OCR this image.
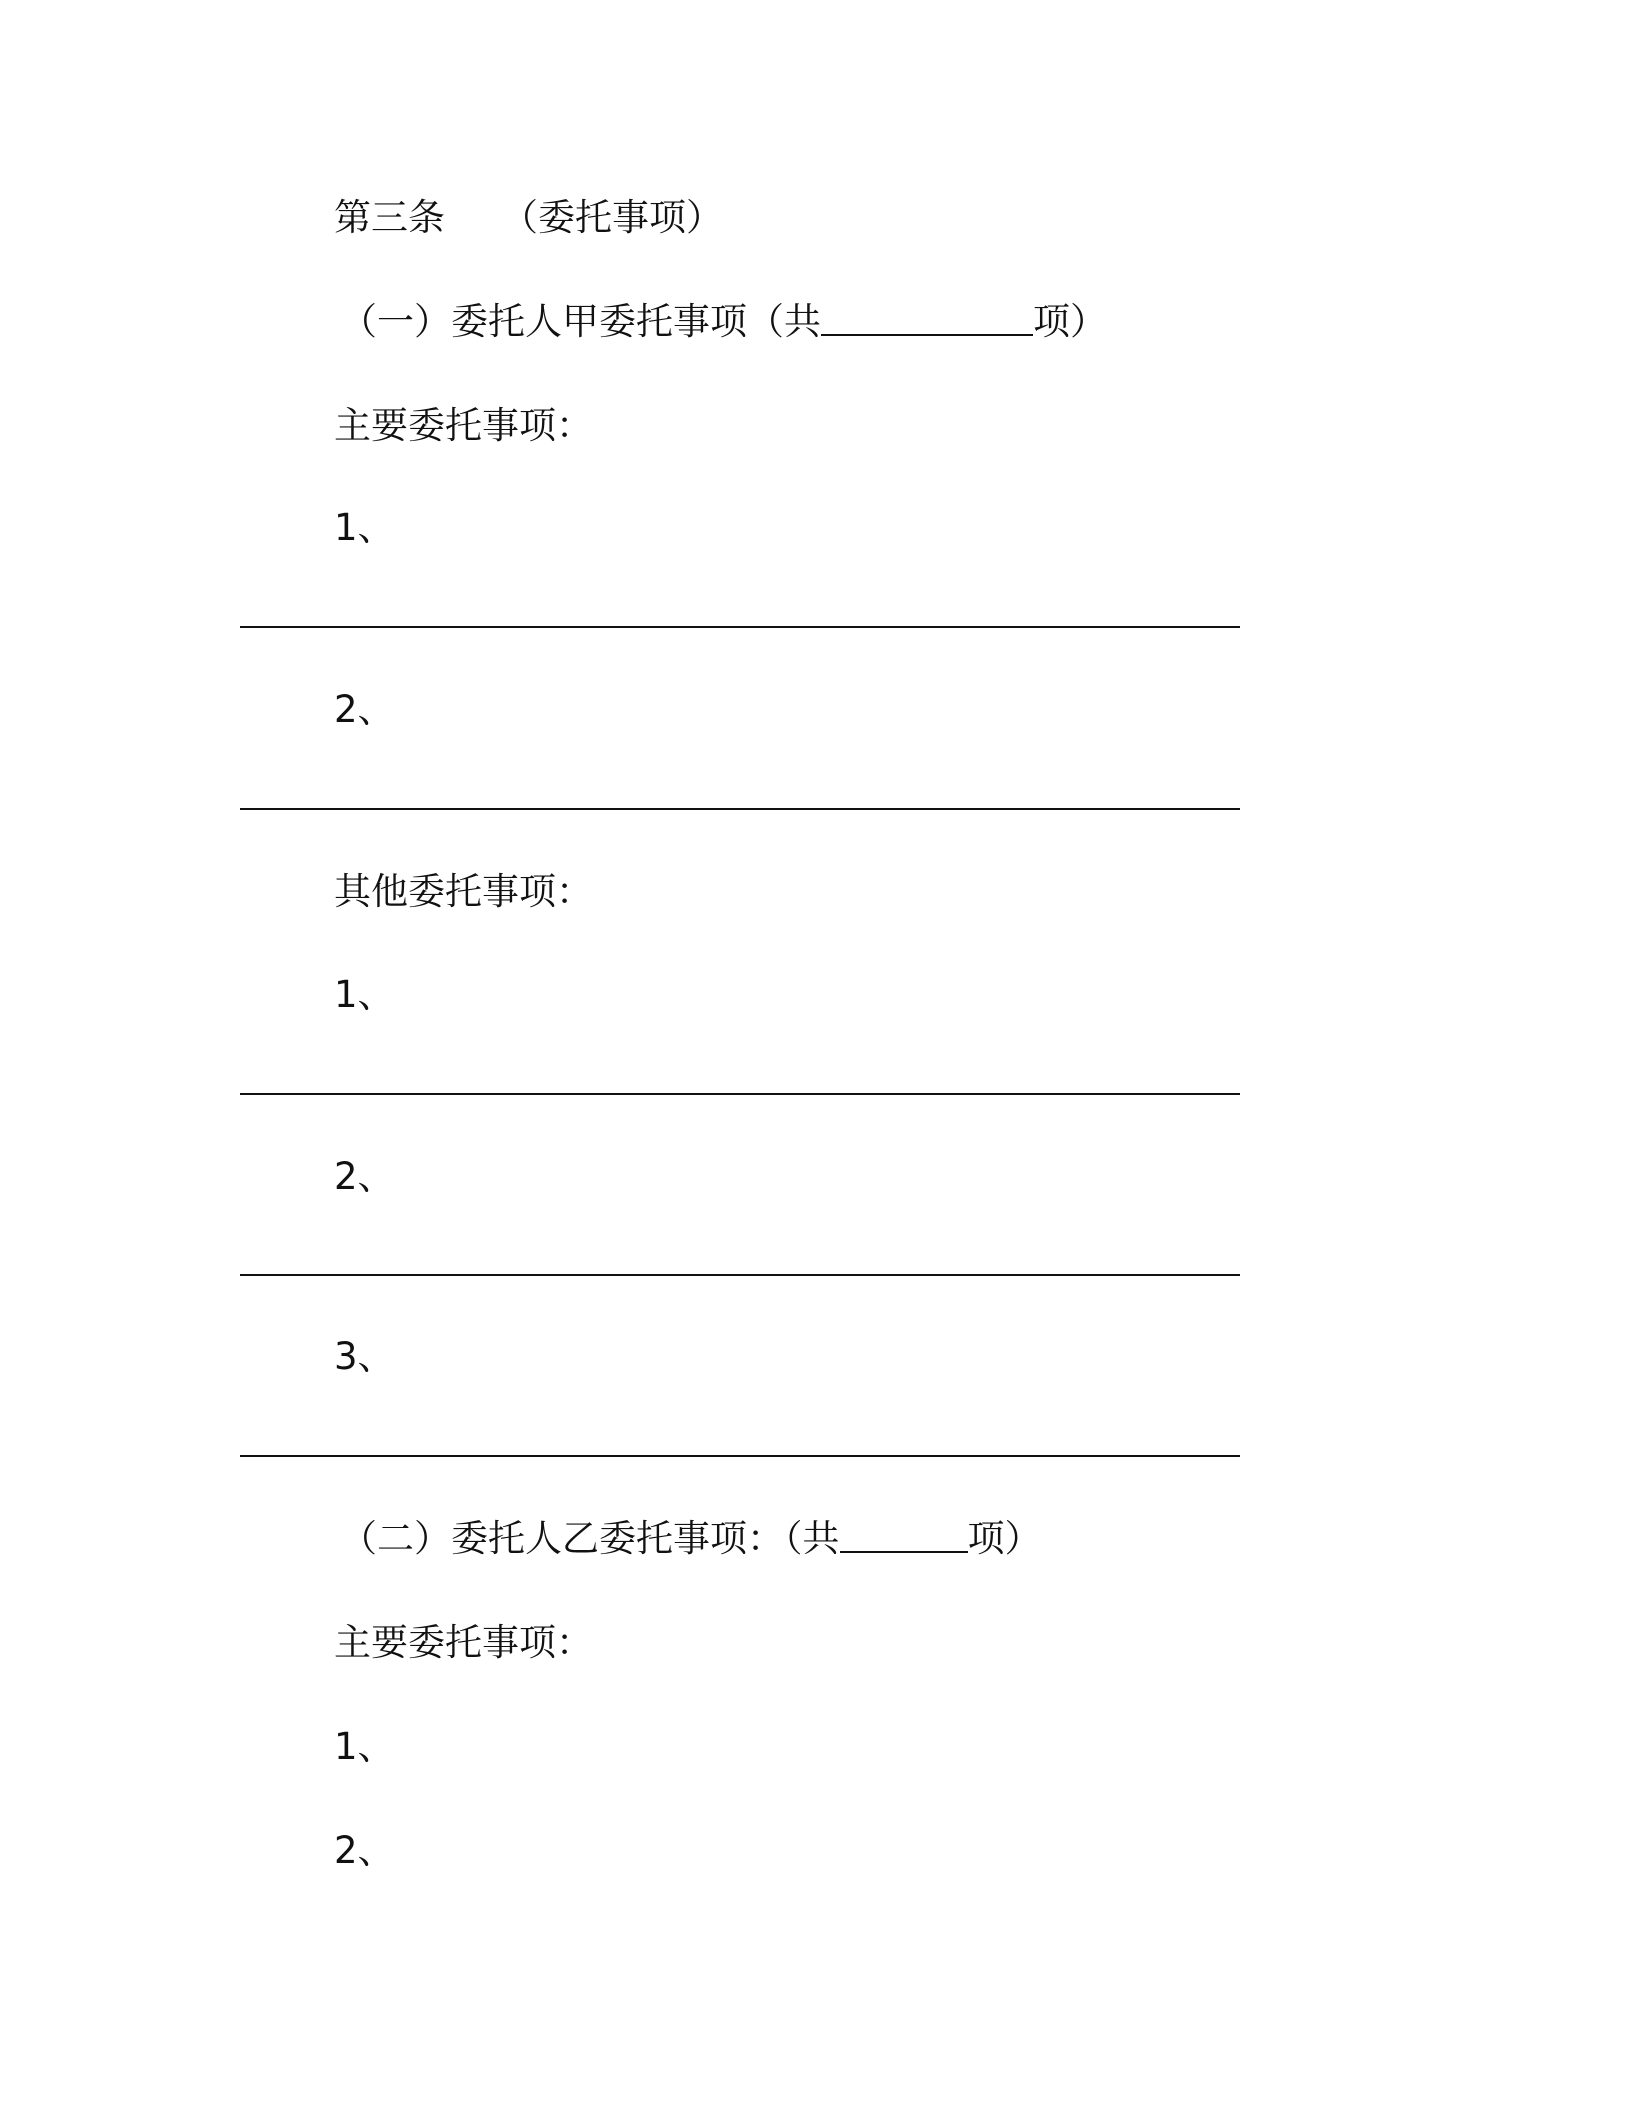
第三条 （委托事项）
（一）委托人甲委托事项（共	项）
主要委托事项：
1、
2、
其他委托事项：
1、
2、
3、
（二）委托人乙委托事项：（共	项）
主要委托事项：
1、
2、
